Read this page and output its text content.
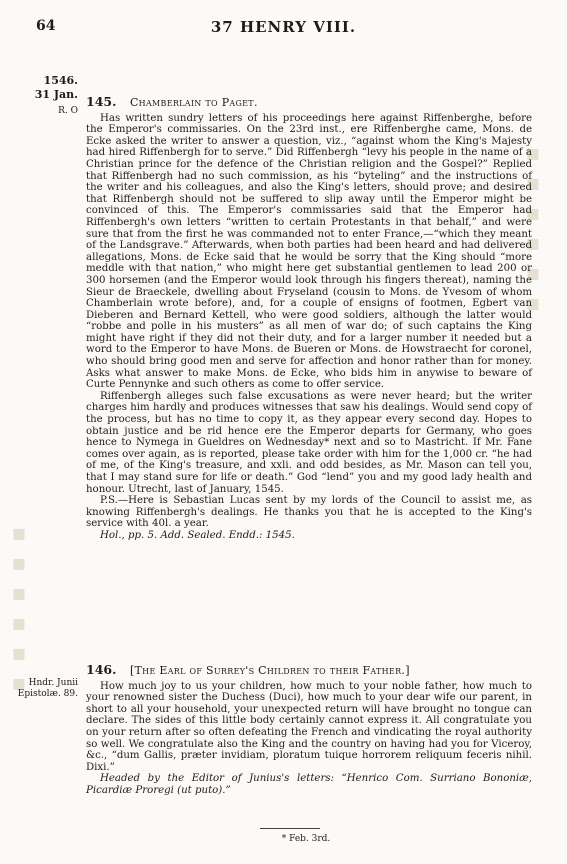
▪▪▪▪▪▪
▪▪▪▪▪▪
64	37 HENRY VIII.
1546.
31 Jan.
R. O

145. Chamberlain to Paget.

Has written sundry letters of his proceedings here against Riffenberghe, before the Emperor's commissaries. On the 23rd inst., ere Riffenberghe came, Mons. de Ecke asked the writer to answer a question, viz., “against whom the King's Majesty had hired Riffenbergh for to serve.” Did Riffenbergh “levy his people in the name of a Christian prince for the defence of the Christian religion and the Gospel?” Replied that Riffenbergh had no such commission, as his “byteling” and the instructions of the writer and his colleagues, and also the King's letters, should prove; and desired that Riffenbergh should not be suffered to slip away until the Emperor might be convinced of this. The Emperor's commissaries said that the Emperor had Riffenbergh's own letters “written to certain Protestants in that behalf,” and were sure that from the first he was commanded not to enter France,—“which they meant of the Landsgrave.” Afterwards, when both parties had been heard and had delivered allegations, Mons. de Ecke said that he would be sorry that the King should “more meddle with that nation,” who might here get substantial gentlemen to lead 200 or 300 horsemen (and the Emperor would look through his fingers thereat), naming the Sieur de Braeckele, dwelling about Fryseland (cousin to Mons. de Yvesom of whom Chamberlain wrote before), and, for a couple of ensigns of footmen, Egbert van Dieberen and Bernard Kettell, who were good soldiers, although the latter would “robbe and polle in his musters” as all men of war do; of such captains the King might have right if they did not their duty, and for a larger number it needed but a word to the Emperor to have Mons. de Bueren or Mons. de Howstraecht for coronel, who should bring good men and serve for affection and honor rather than for money. Asks what answer to make Mons. de Ecke, who bids him in anywise to beware of Curte Pennynke and such others as come to offer service.

Riffenbergh alleges such false excusations as were never heard; but the writer charges him hardly and produces witnesses that saw his dealings. Would send copy of the process, but has no time to copy it, as they appear every second day. Hopes to obtain justice and be rid hence ere the Emperor departs for Germany, who goes hence to Nymega in Gueldres on Wednesday* next and so to Mastricht. If Mr. Fane comes over again, as is reported, please take order with him for the 1,000 cr. “he had of me, of the King's treasure, and xxli. and odd besides, as Mr. Mason can tell you, that I may stand sure for life or death.” God “lend” you and my good lady health and honour. Utrecht, last of January, 1545.

P.S.—Here is Sebastian Lucas sent by my lords of the Council to assist me, as knowing Riffenbergh's dealings. He thanks you that he is accepted to the King's service with 40l. a year.

Hol., pp. 5. Add. Sealed. Endd.: 1545.

Hndr. Junii
Epistolæ. 89.

146. [The Earl of Surrey's Children to their Father.]

How much joy to us your children, how much to your noble father, how much to your renowned sister the Duchess (Duci), how much to your dear wife our parent, in short to all your household, your unexpected return will have brought no tongue can declare. The sides of this little body certainly cannot express it. All congratulate you on your return after so often defeating the French and vindicating the royal authority so well. We congratulate also the King and the country on having had you for Viceroy, &c., “dum Gallis, præter invidiam, ploratum tuique horrorem reliquum feceris nihil. Dixi.”

Headed by the Editor of Junius's letters: “Henrico Com. Surriano Bononiæ, Picardiæ Proregi (ut puto).”

* Feb. 3rd.
